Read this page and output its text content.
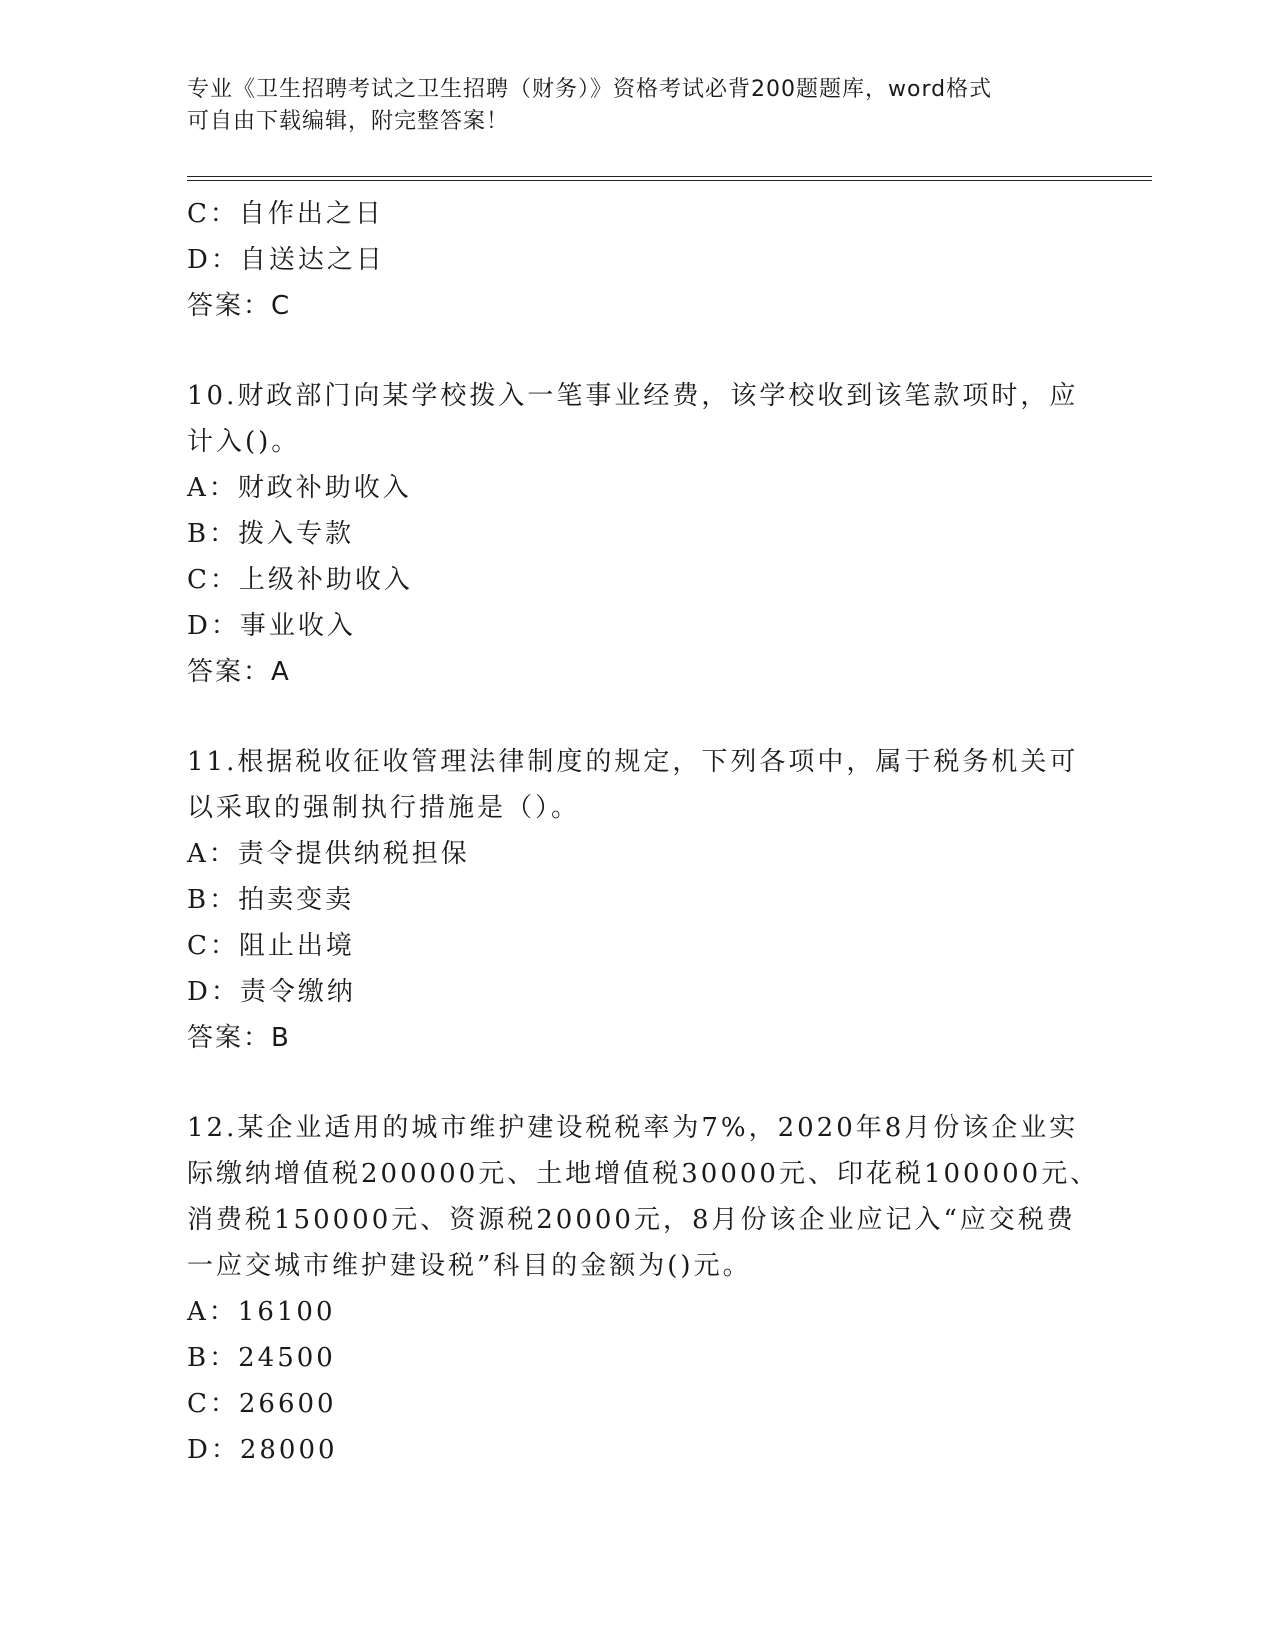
专业《卫生招聘考试之卫生招聘（财务）》资格考试必背200题题库，word格式
可自由下载编辑，附完整答案！
C：自作出之日
D：自送达之日
答案：C
10.财政部门向某学校拨入一笔事业经费，该学校收到该笔款项时，应
计入()。
A：财政补助收入
B：拨入专款
C：上级补助收入
D：事业收入
答案：A
11.根据税收征收管理法律制度的规定，下列各项中，属于税务机关可
以采取的强制执行措施是（）。
A：责令提供纳税担保
B：拍卖变卖
C：阻止出境
D：责令缴纳
答案：B
12.某企业适用的城市维护建设税税率为7%，2020年8月份该企业实
际缴纳增值税200000元、土地增值税30000元、印花税100000元、
消费税150000元、资源税20000元，8月份该企业应记入“应交税费
一应交城市维护建设税”科目的金额为()元。
A：16100
B：24500
C：26600
D：28000
